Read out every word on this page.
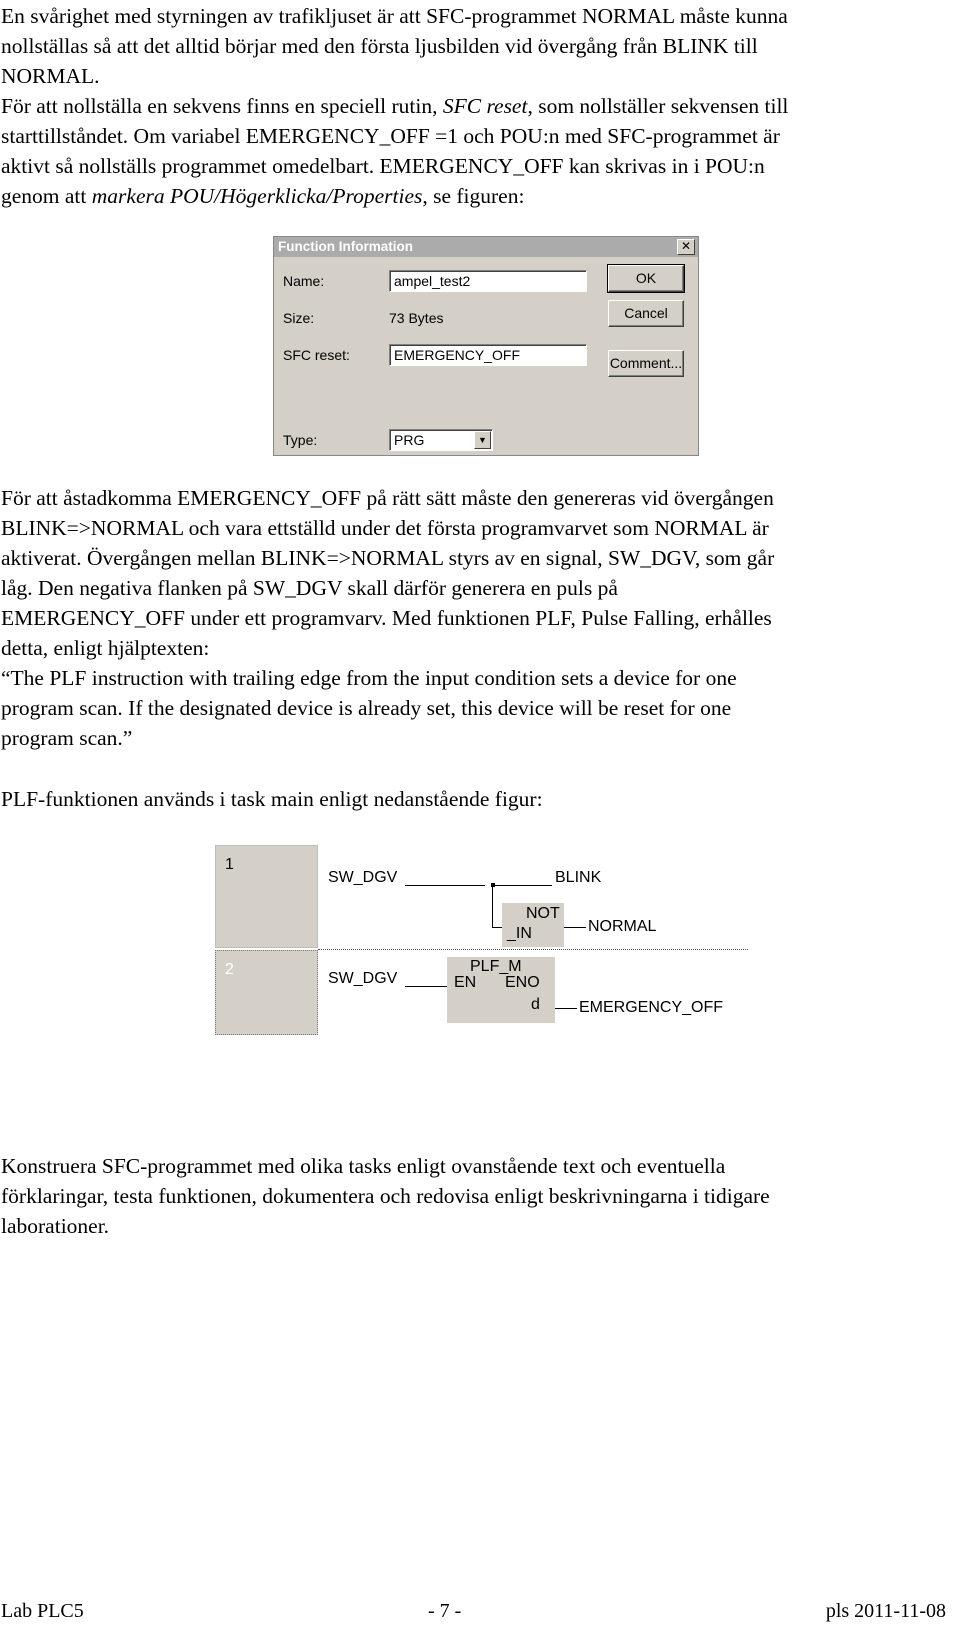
En svårighet med styrningen av trafikljuset är att SFC-programmet NORMAL måste kunna
nollställas så att det alltid börjar med den första ljusbilden vid övergång från BLINK till
NORMAL.
För att nollställa en sekvens finns en speciell rutin, SFC reset, som nollställer sekvensen till
starttillståndet. Om variabel EMERGENCY_OFF =1 och POU:n med SFC-programmet är
aktivt så nollställs programmet omedelbart. EMERGENCY_OFF kan skrivas in i POU:n
genom att markera POU/Högerklicka/Properties, se figuren:
Function Information	✕
Name:	ampel_test2
Size:	73 Bytes
SFC reset:	EMERGENCY_OFF
Type:	PRG	▼
OK
Cancel
Comment...
För att åstadkomma EMERGENCY_OFF på rätt sätt måste den genereras vid övergången
BLINK=>NORMAL och vara ettställd under det första programvarvet som NORMAL är
aktiverat. Övergången mellan BLINK=>NORMAL styrs av en signal, SW_DGV, som går
låg. Den negativa flanken på SW_DGV skall därför generera en puls på
EMERGENCY_OFF under ett programvarv. Med funktionen PLF, Pulse Falling, erhålles
detta, enligt hjälptexten:
“The PLF instruction with trailing edge from the input condition sets a device for one
program scan. If the designated device is already set, this device will be reset for one
program scan.”
PLF-funktionen används i task main enligt nedanstående figur:
1
2
SW_DGV	BLINK
NOT
_IN	NORMAL
SW_DGV
PLF_M
EN ENO
d EMERGENCY_OFF
Konstruera SFC-programmet med olika tasks enligt ovanstående text och eventuella
förklaringar, testa funktionen, dokumentera och redovisa enligt beskrivningarna i tidigare
laborationer.
Lab PLC5	- 7 -	pls 2011-11-08
